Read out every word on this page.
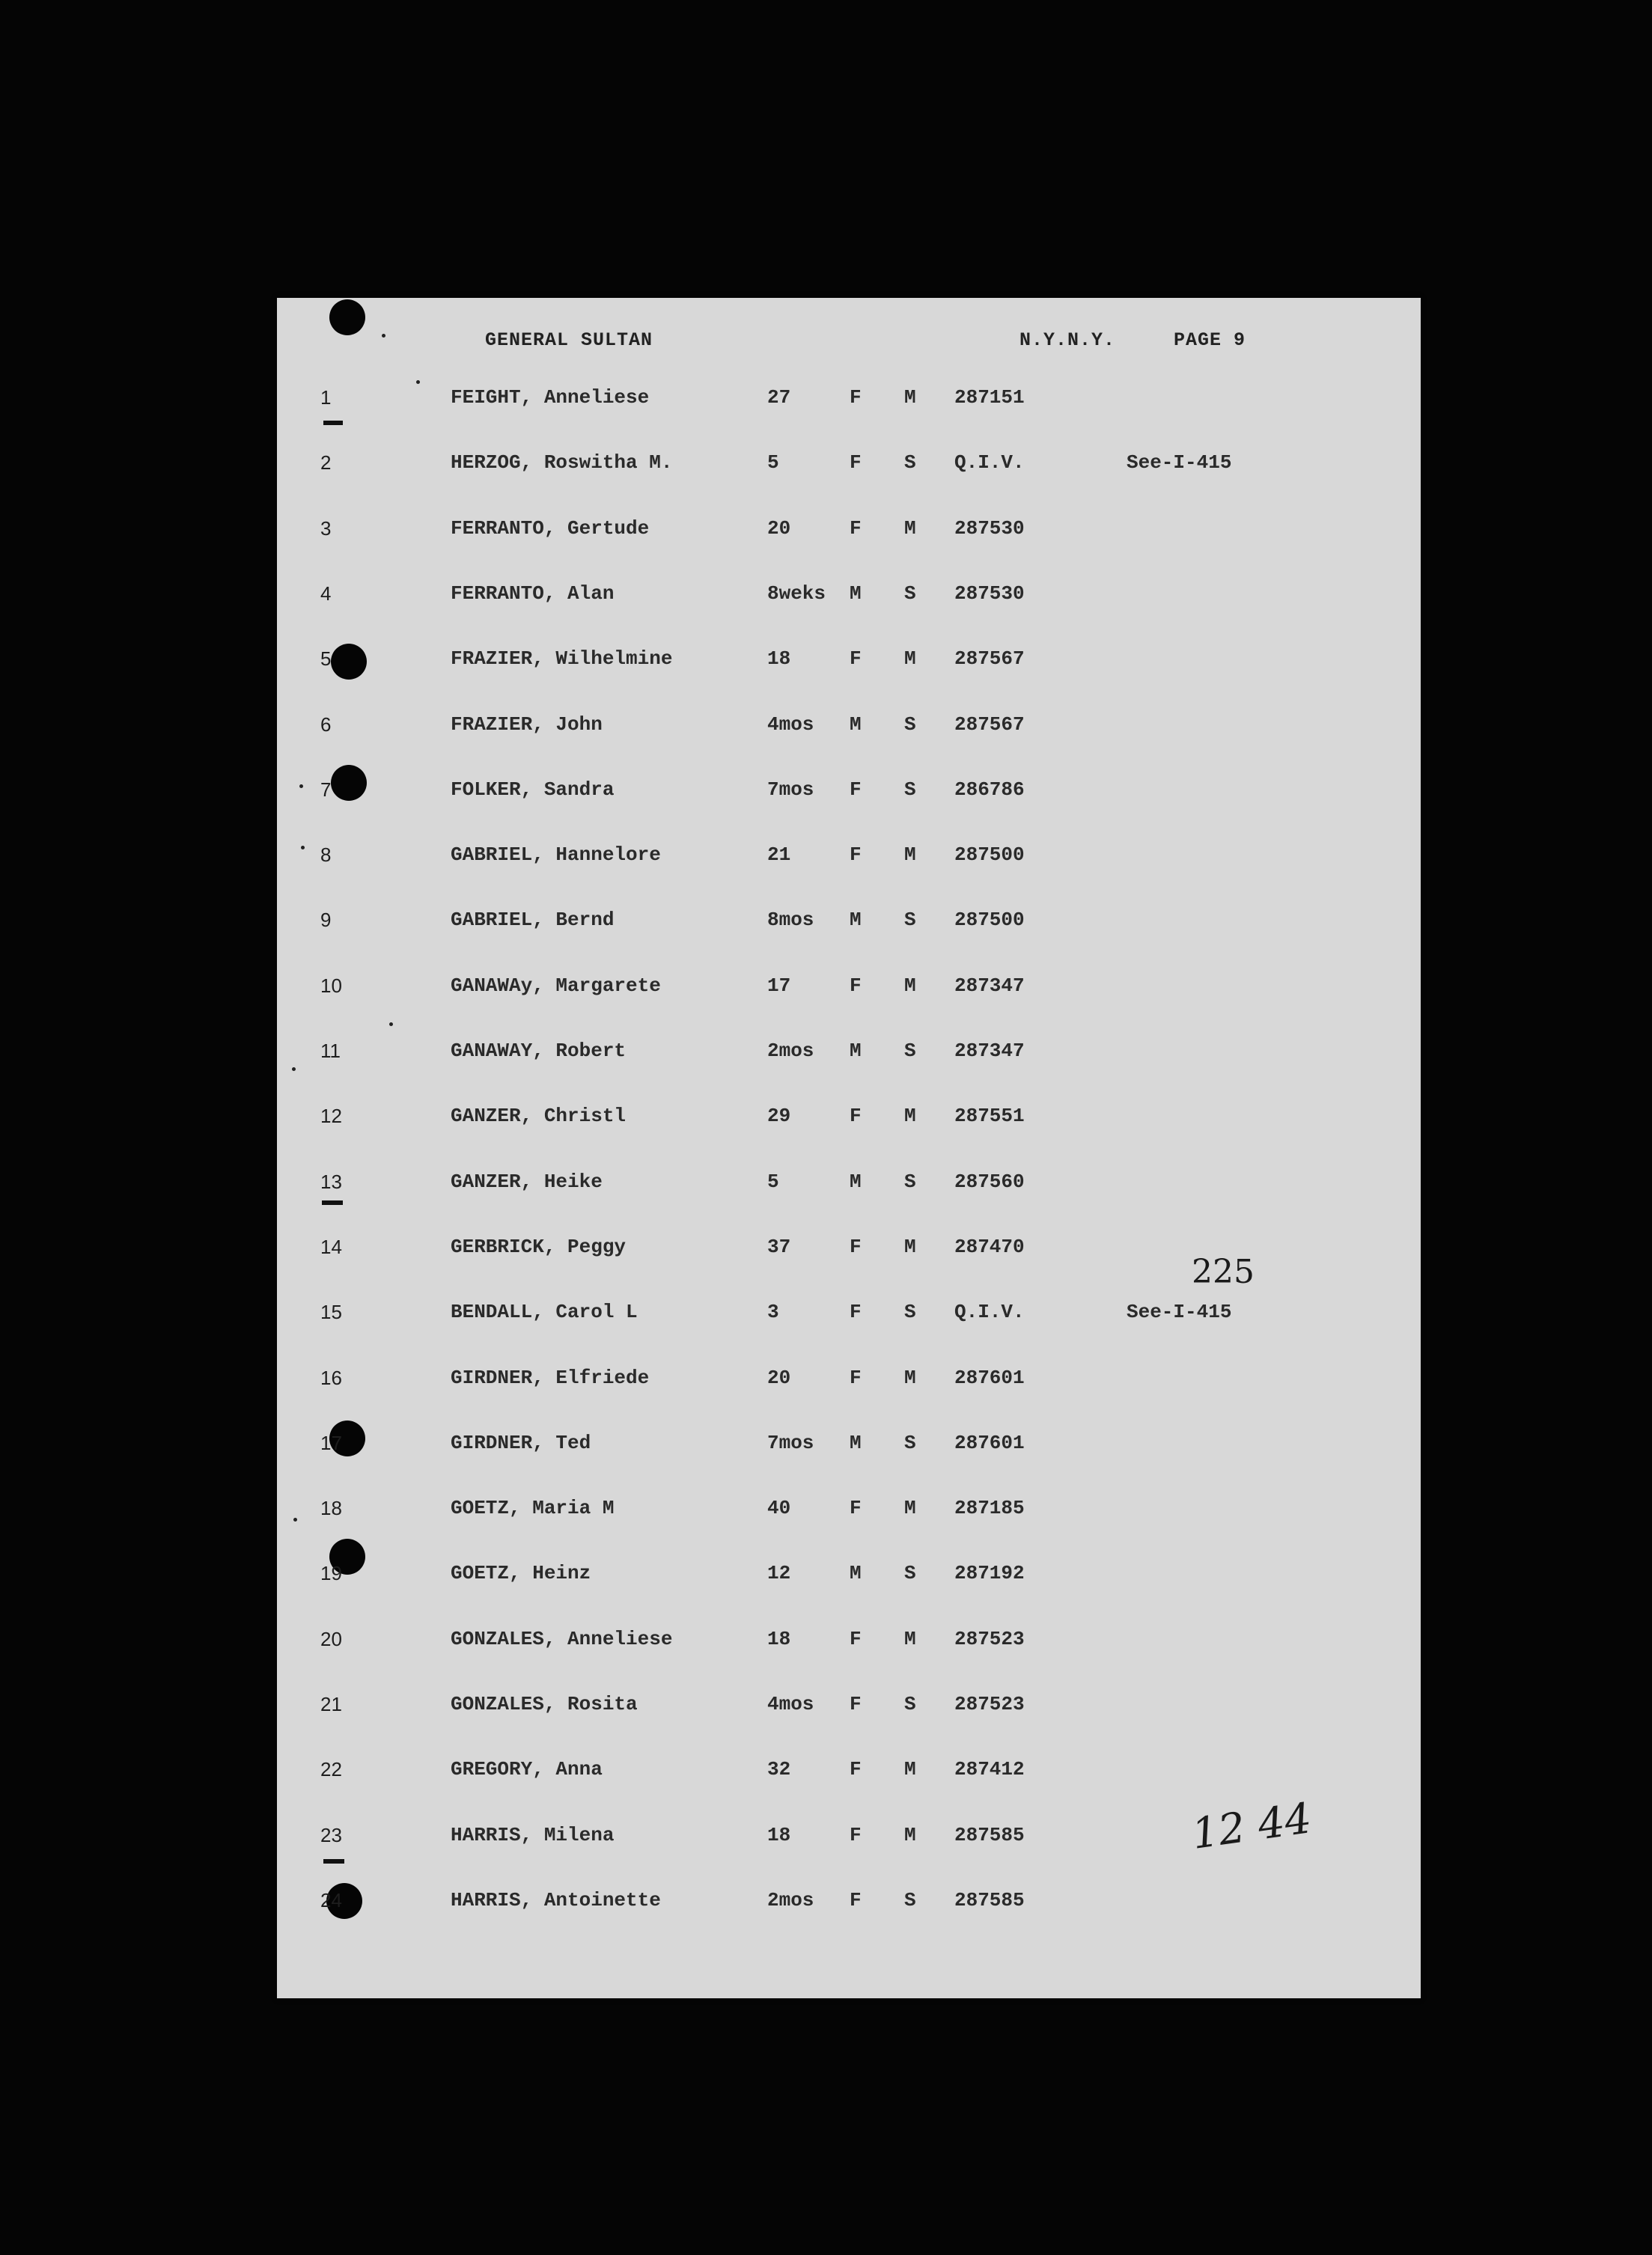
GENERAL SULTAN	N.Y.N.Y.	PAGE 9
1	FEIGHT, Anneliese	27	F M 287151
2	HERZOG, Roswitha M.	5	F S Q.I.V.	See-I-415
3	FERRANTO, Gertude	20	F M 287530
4	FERRANTO, Alan	8weks M S 287530
5	FRAZIER, Wilhelmine	18	F M 287567
6	FRAZIER, John	4mos M S 287567
7	FOLKER, Sandra	7mos F S 286786
8	GABRIEL, Hannelore	21	F M 287500
9	GABRIEL, Bernd	8mos M S 287500
10	GANAWAy, Margarete	17	F M 287347
11	GANAWAY, Robert	2mos M S 287347
12	GANZER, Christl	29	F M 287551
13	GANZER, Heike	5	M S 287560
14	GERBRICK, Peggy	37	F M 287470
15	BENDALL, Carol L	3	F S Q.I.V.	See-I-415
16	GIRDNER, Elfriede	20	F M 287601
17	GIRDNER, Ted	7mos M S 287601
18	GOETZ, Maria M	40	F M 287185
19	GOETZ, Heinz	12	M S 287192
20	GONZALES, Anneliese	18	F M 287523
21	GONZALES, Rosita	4mos F S 287523
22	GREGORY, Anna	32	F M 287412
23	HARRIS, Milena	18	F M 287585
24	HARRIS, Antoinette	2mos F S 287585
225
12 44
